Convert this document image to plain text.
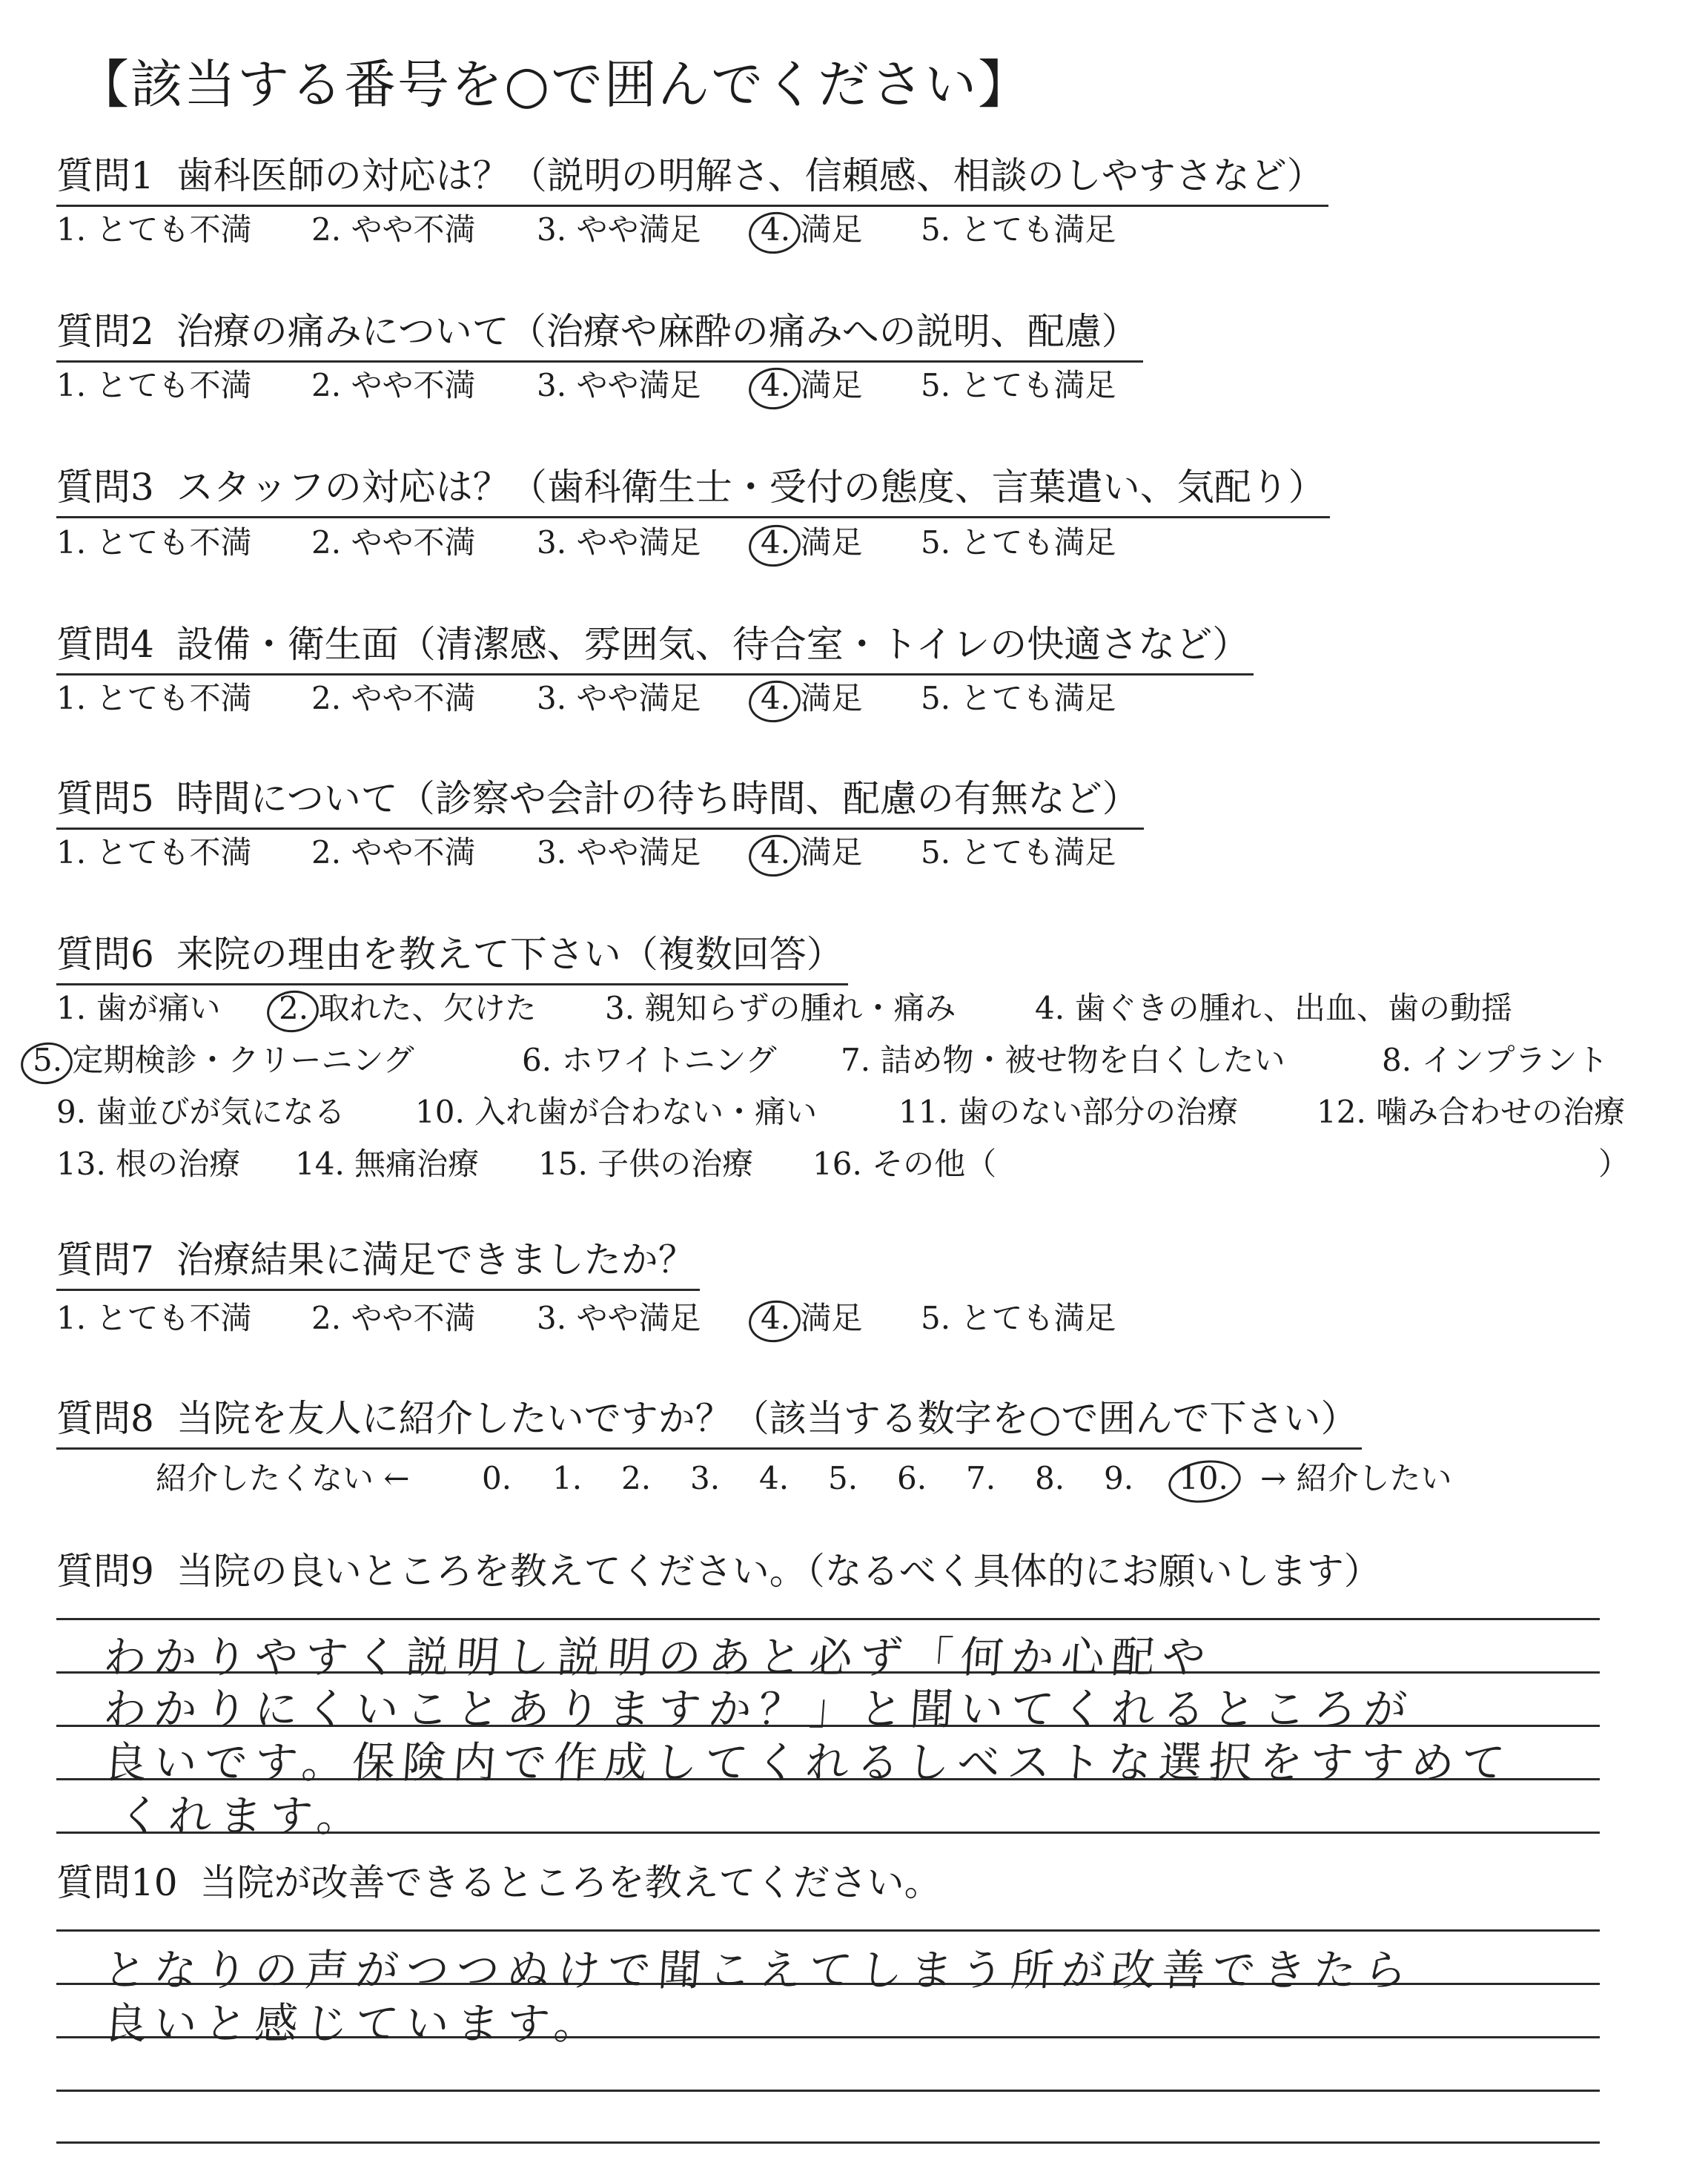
【該当する番号を○で囲んでください】
質問1 歯科医師の対応は？（説明の明解さ、信頼感、相談のしやすさなど）
1. とても不満 2. やや不満 3. やや満足 4. 満足 5. とても満足
質問2 治療の痛みについて（治療や麻酔の痛みへの説明、配慮）
1. とても不満 2. やや不満 3. やや満足 4. 満足 5. とても満足
質問3 スタッフの対応は？（歯科衛生士・受付の態度、言葉遣い、気配り）
1. とても不満 2. やや不満 3. やや満足 4. 満足 5. とても満足
質問4 設備・衛生面（清潔感、雰囲気、待合室・トイレの快適さなど）
1. とても不満 2. やや不満 3. やや満足 4. 満足 5. とても満足
質問5 時間について（診察や会計の待ち時間、配慮の有無など）
1. とても不満 2. やや不満 3. やや満足 4. 満足 5. とても満足
質問6 来院の理由を教えて下さい（複数回答）
1. 歯が痛い 2. 取れた、欠けた 3. 親知らずの腫れ・痛み	4. 歯ぐきの腫れ、出血、歯の動揺
5. 定期検診・クリーニング	6. ホワイトニング 7. 詰め物・被せ物を白くしたい	8. インプラント
9. 歯並びが気になる 10. 入れ歯が合わない・痛い	11. 歯のない部分の治療	12. 噛み合わせの治療
13. 根の治療 14. 無痛治療 15. 子供の治療 16. その他（	）
質問7 治療結果に満足できましたか？
1. とても不満 2. やや不満 3. やや満足 4. 満足 5. とても満足
質問8 当院を友人に紹介したいですか？（該当する数字を○で囲んで下さい）
紹介したくない ← 0. 1. 2. 3. 4. 5. 6. 7. 8. 9. 10. → 紹介したい
質問9 当院の良いところを教えてください。（なるべく具体的にお願いします）
わかりやすく説明し説明のあと必ず「何か心配や
わかりにくいことありますか？」と聞いてくれるところが
良いです。保険内で作成してくれるしベストな選択をすすめて
くれます。
質問10 当院が改善できるところを教えてください。
となりの声がつつぬけで聞こえてしまう所が改善できたら
良いと感じています。
